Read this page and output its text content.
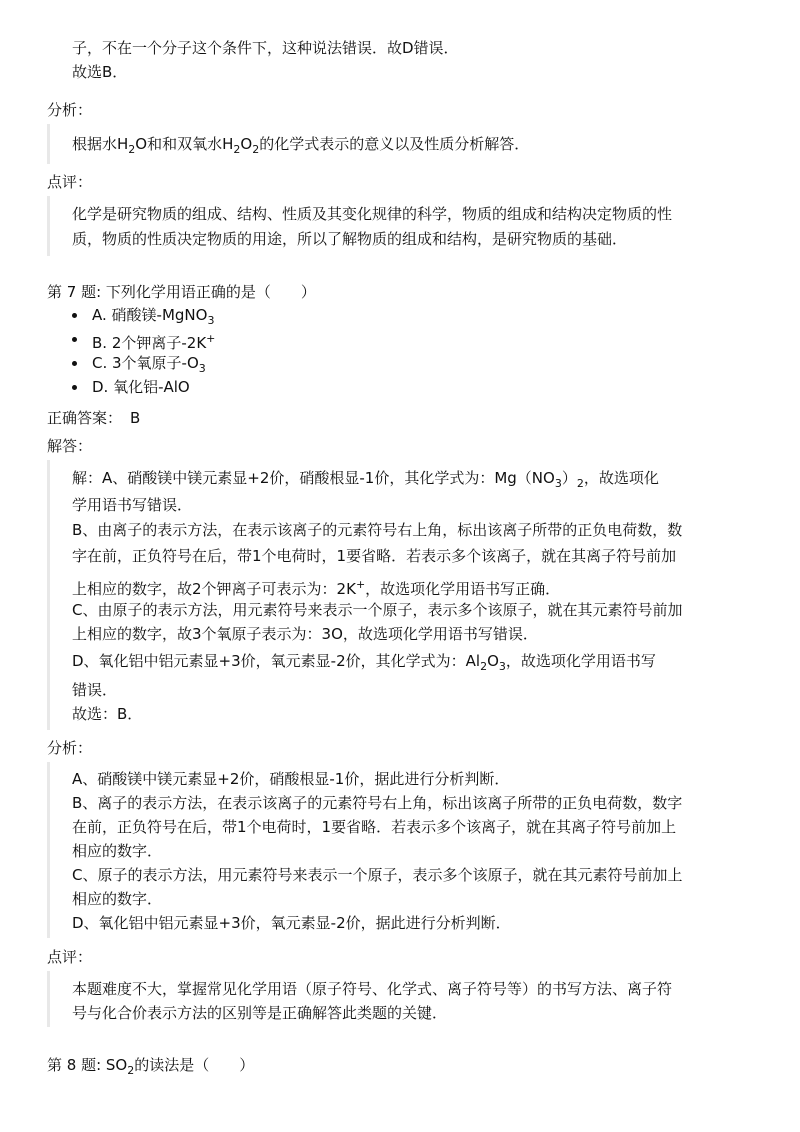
子，不在一个分子这个条件下，这种说法错误．故D错误．
故选B．
分析：
根据水$H_2O$和和双氧水$H_2O_2$的化学式表示的意义以及性质分析解答．
点评：
化学是研究物质的组成、结构、性质及其变化规律的科学，物质的组成和结构决定物质的性
质，物质的性质决定物质的用途，所以了解物质的组成和结构，是研究物质的基础．
第 7 题: 下列化学用语正确的是（　　）
A. 硝酸镁-MgNO$_3$
B. 2个钾离子-2K+
C. 3个氧原子$-O_3$
D. 氧化铝-AlO
正确答案： B
解答：
解：A、硝酸镁中镁元素显+2价，硝酸根显-1价，其化学式为：$Mg(NO_3)_2$，故选项化
学用语书写错误．
B、由离子的表示方法，在表示该离子的元素符号右上角，标出该离子所带的正负电荷数，数
字在前，正负符号在后，带1个电荷时，1要省略．若表示多个该离子，就在其离子符号前加
上相应的数字，故2个钾离子可表示为：2K+，故选项化学用语书写正确．
C、由原子的表示方法，用元素符号来表示一个原子，表示多个该原子，就在其元素符号前加
上相应的数字，故3个氧原子表示为：3O，故选项化学用语书写错误．
D、氧化铝中铝元素显+3价，氧元素显-2价，其化学式为：$Al_2O_3$，故选项化学用语书写
错误．
故选：B．
分析：
A、硝酸镁中镁元素显+2价，硝酸根显-1价，据此进行分析判断．
B、离子的表示方法，在表示该离子的元素符号右上角，标出该离子所带的正负电荷数，数字
在前，正负符号在后，带1个电荷时，1要省略．若表示多个该离子，就在其离子符号前加上
相应的数字．
C、原子的表示方法，用元素符号来表示一个原子，表示多个该原子，就在其元素符号前加上
相应的数字．
D、氧化铝中铝元素显+3价，氧元素显-2价，据此进行分析判断．
点评：
本题难度不大，掌握常见化学用语（原子符号、化学式、离子符号等）的书写方法、离子符
号与化合价表示方法的区别等是正确解答此类题的关键．
第 8 题: $SO_2$的读法是（　　）
